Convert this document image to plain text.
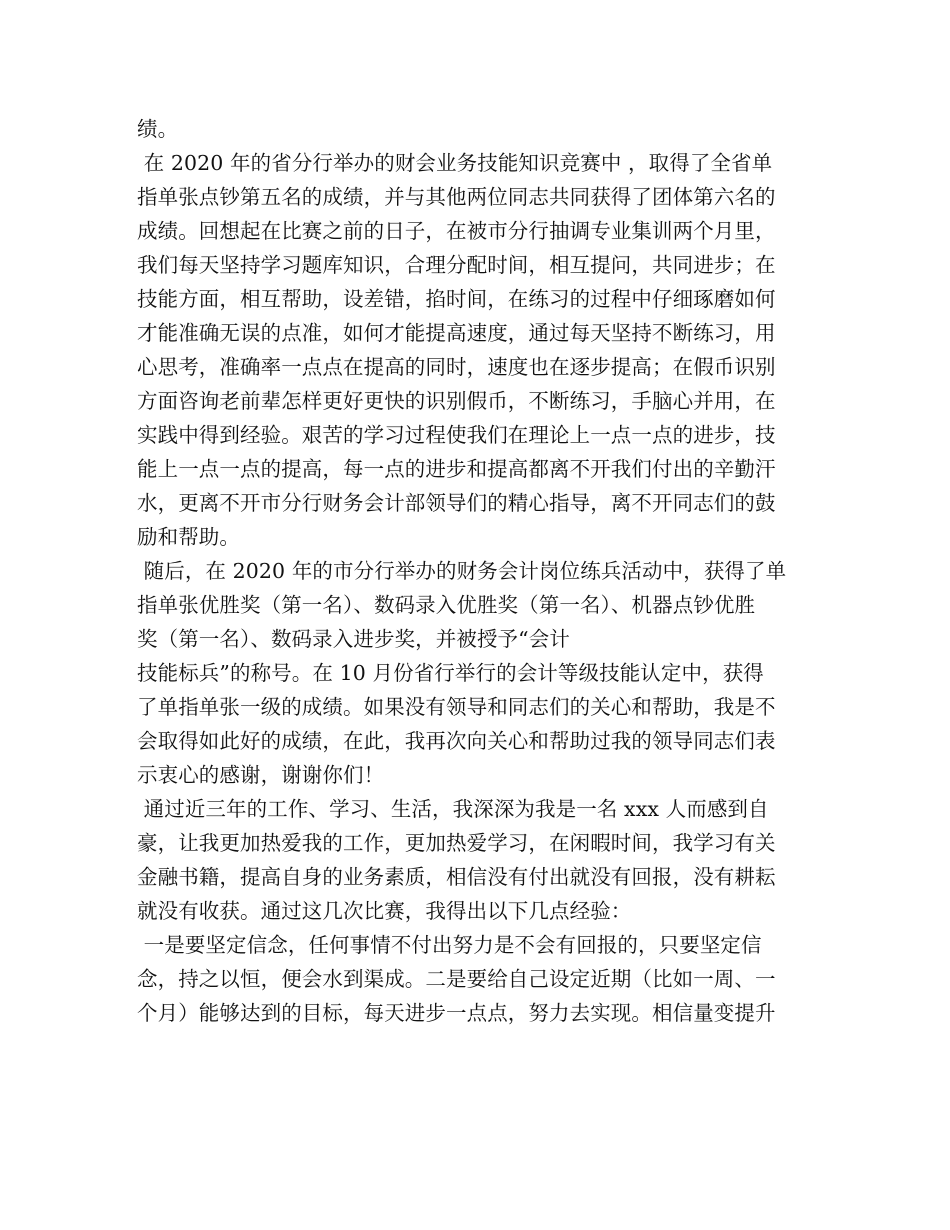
绩。
在 2020 年的省分行举办的财会业务技能知识竞赛中 ，取得了全省单
指单张点钞第五名的成绩，并与其他两位同志共同获得了团体第六名的
成绩。回想起在比赛之前的日子，在被市分行抽调专业集训两个月里，
我们每天坚持学习题库知识，合理分配时间，相互提问，共同进步；在
技能方面，相互帮助，设差错，掐时间，在练习的过程中仔细琢磨如何
才能准确无误的点准，如何才能提高速度，通过每天坚持不断练习，用
心思考，准确率一点点在提高的同时，速度也在逐步提高；在假币识别
方面咨询老前辈怎样更好更快的识别假币，不断练习，手脑心并用，在
实践中得到经验。艰苦的学习过程使我们在理论上一点一点的进步，技
能上一点一点的提高，每一点的进步和提高都离不开我们付出的辛勤汗
水，更离不开市分行财务会计部领导们的精心指导，离不开同志们的鼓
励和帮助。
随后，在 2020 年的市分行举办的财务会计岗位练兵活动中，获得了单
指单张优胜奖（第一名）、数码录入优胜奖（第一名）、机器点钞优胜
奖（第一名）、数码录入进步奖，并被授予“会计
技能标兵”的称号。在 10 月份省行举行的会计等级技能认定中，获得
了单指单张一级的成绩。如果没有领导和同志们的关心和帮助，我是不
会取得如此好的成绩，在此，我再次向关心和帮助过我的领导同志们表
示衷心的感谢，谢谢你们！
通过近三年的工作、学习、生活，我深深为我是一名 xxx 人而感到自
豪，让我更加热爱我的工作，更加热爱学习，在闲暇时间，我学习有关
金融书籍，提高自身的业务素质，相信没有付出就没有回报，没有耕耘
就没有收获。通过这几次比赛，我得出以下几点经验：
一是要坚定信念，任何事情不付出努力是不会有回报的，只要坚定信
念，持之以恒，便会水到渠成。二是要给自己设定近期（比如一周、一
个月）能够达到的目标，每天进步一点点，努力去实现。相信量变提升
